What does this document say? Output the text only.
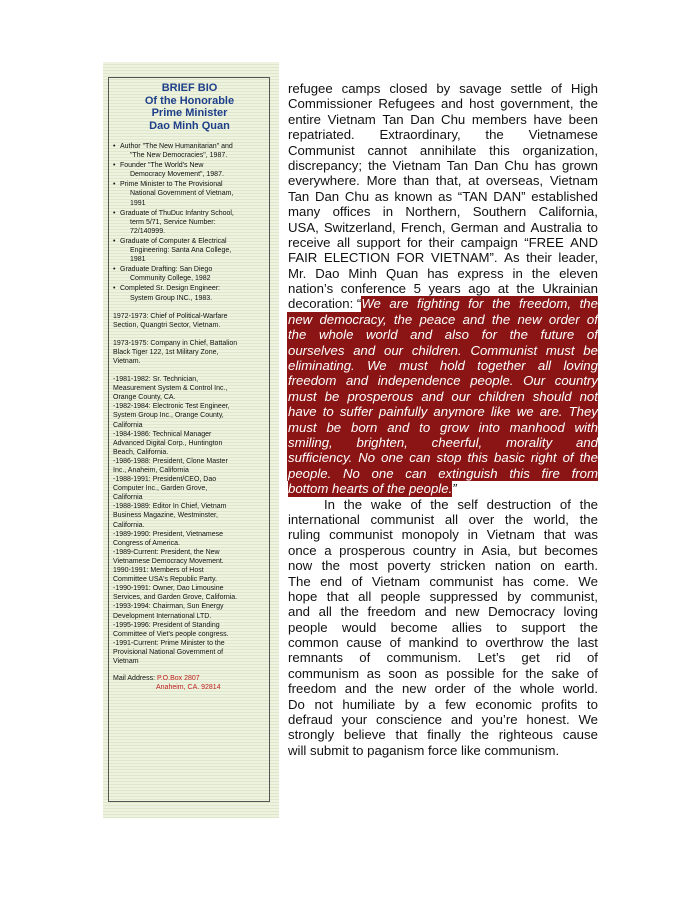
BRIEF BIO
Of the Honorable
Prime Minister
Dao Minh Quan
• Author "The New Humanitarian" and
"The New Democracies", 1987.
• Founder "The World's New
Democracy Movement", 1987.
• Prime Minister to The Provisional
National Government of Vietnam,
1991
• Graduate of ThuDuc Infantry School,
term 5/71, Service Number:
72/140999.
• Graduate of Computer & Electrical
Engineering: Santa Ana College,
1981
• Graduate Drafting: San Diego
Community College, 1982
• Completed Sr. Design Engineer:
System Group INC., 1983.

1972-1973: Chief of Political-Warfare
Section, Quangtri Sector, Vietnam.

1973-1975: Company in Chief, Battalion
Black Tiger 122, 1st Military Zone,
Vietnam.

-1981-1982: Sr. Technician,
Measurement System & Control Inc.,
Orange County, CA.
-1982-1984: Electronic Test Engineer,
System Group Inc., Orange County,
California
-1984-1986: Technical Manager
Advanced Digital Corp., Huntington
Beach, California.
-1986-1988: President, Clone Master
Inc., Anaheim, California
-1988-1991: President/CEO, Dao
Computer Inc., Garden Grove,
California
-1988-1989: Editor In Chief, Vietnam
Business Magazine, Westminster,
California.
-1989-1990: President, Vietnamese
Congress of America.
-1989-Current: President, the New
Vietnamese Democracy Movement.
1990-1991: Members of Host
Committee USA's Republic Party.
-1990-1991: Owner, Dao Limousine
Services, and Garden Grove, California.
-1993-1994: Chairman, Sun Energy
Development International LTD.
-1995-1996: President of Standing
Committee of Viet's people congress.
-1991-Current: Prime Minister to the
Provisional National Government of
Vietnam
Mail Address: P.O.Box 2807
Anaheim, CA. 92814
refugee camps closed by savage settle of High
Commissioner Refugees and host government, the
entire Vietnam Tan Dan Chu members have been
repatriated. Extraordinary, the Vietnamese
Communist cannot annihilate this organization,
discrepancy; the Vietnam Tan Dan Chu has grown
everywhere. More than that, at overseas, Vietnam
Tan Dan Chu as known as “TAN DAN” established
many offices in Northern, Southern California,
USA, Switzerland, French, German and Australia to
receive all support for their campaign “FREE AND
FAIR ELECTION FOR VIETNAM”. As their leader,
Mr. Dao Minh Quan has express in the eleven
nation’s conference 5 years ago at the Ukrainian
decoration: “ We are fighting for the freedom, the
new democracy, the peace and the new order of
the whole world and also for the future of
ourselves and our children. Communist must be
eliminating. We must hold together all loving
freedom and independence people. Our country
must be prosperous and our children should not
have to suffer painfully anymore like we are. They
must be born and to grow into manhood with
smiling, brighten, cheerful, morality and
sufficiency. No one can stop this basic right of the
people. No one can extinguish this fire from
bottom hearts of the people. ”
In the wake of the self destruction of the
international communist all over the world, the
ruling communist monopoly in Vietnam that was
once a prosperous country in Asia, but becomes
now the most poverty stricken nation on earth.
The end of Vietnam communist has come. We
hope that all people suppressed by communist,
and all the freedom and new Democracy loving
people would become allies to support the
common cause of mankind to overthrow the last
remnants of communism. Let’s get rid of
communism as soon as possible for the sake of
freedom and the new order of the whole world.
Do not humiliate by a few economic profits to
defraud your conscience and you’re honest. We
strongly believe that finally the righteous cause
will submit to paganism force like communism.
